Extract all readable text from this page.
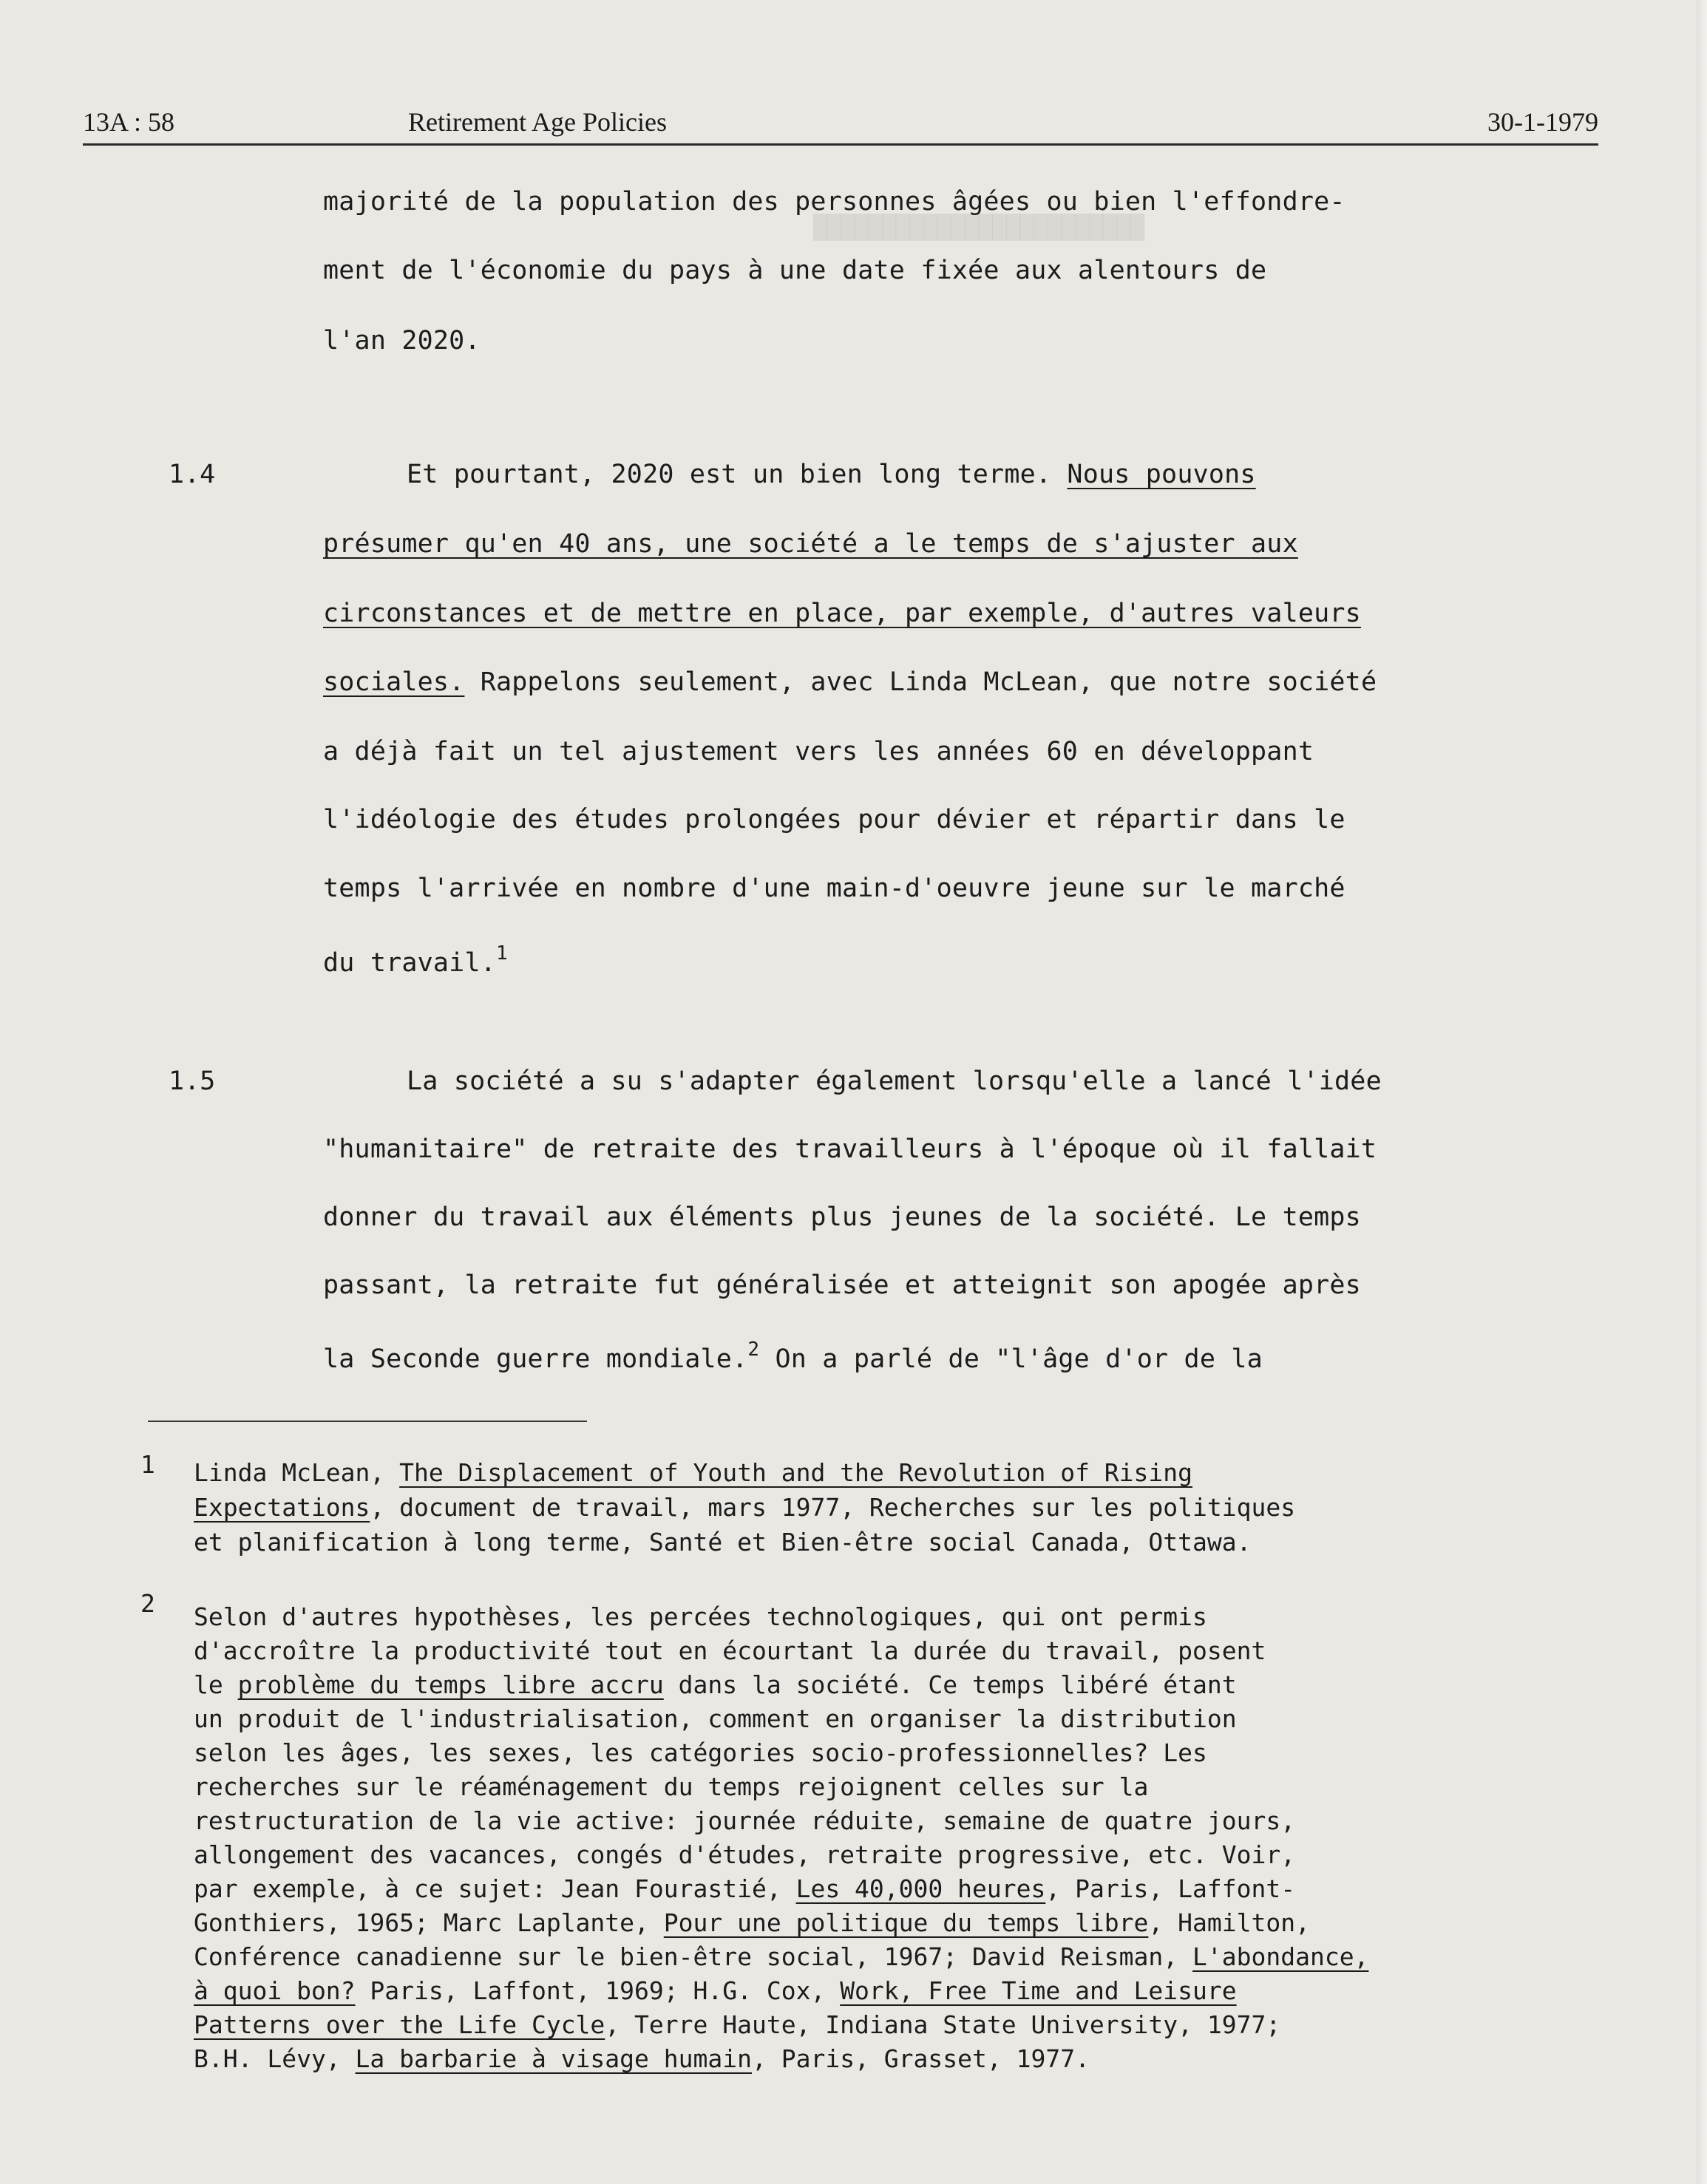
████████████████████████
13A : 58	Retirement Age Policies	30-1-1979
majorité de la population des personnes âgées ou bien l'effondre-
ment de l'économie du pays à une date fixée aux alentours de
l'an 2020.
1.4	Et pourtant, 2020 est un bien long terme. Nous pouvons
présumer qu'en 40 ans, une société a le temps de s'ajuster aux
circonstances et de mettre en place, par exemple, d'autres valeurs
sociales. Rappelons seulement, avec Linda McLean, que notre société
a déjà fait un tel ajustement vers les années 60 en développant
l'idéologie des études prolongées pour dévier et répartir dans le
temps l'arrivée en nombre d'une main-d'oeuvre jeune sur le marché
du travail.$^1$
1.5	La société a su s'adapter également lorsqu'elle a lancé l'idée
"humanitaire" de retraite des travailleurs à l'époque où il fallait
donner du travail aux éléments plus jeunes de la société. Le temps
passant, la retraite fut généralisée et atteignit son apogée après
la Seconde guerre mondiale.$^2$ On a parlé de "l'âge d'or de la
1 Linda McLean, The Displacement of Youth and the Revolution of Rising
Expectations, document de travail, mars 1977, Recherches sur les politiques
et planification à long terme, Santé et Bien-être social Canada, Ottawa.
2 Selon d'autres hypothèses, les percées technologiques, qui ont permis
d'accroître la productivité tout en écourtant la durée du travail, posent
le problème du temps libre accru dans la société. Ce temps libéré étant
un produit de l'industrialisation, comment en organiser la distribution
selon les âges, les sexes, les catégories socio-professionnelles? Les
recherches sur le réaménagement du temps rejoignent celles sur la
restructuration de la vie active: journée réduite, semaine de quatre jours,
allongement des vacances, congés d'études, retraite progressive, etc. Voir,
par exemple, à ce sujet: Jean Fourastié, Les 40,000 heures, Paris, Laffont-
Gonthiers, 1965; Marc Laplante, Pour une politique du temps libre, Hamilton,
Conférence canadienne sur le bien-être social, 1967; David Reisman, L'abondance,
à quoi bon? Paris, Laffont, 1969; H.G. Cox, Work, Free Time and Leisure
Patterns over the Life Cycle, Terre Haute, Indiana State University, 1977;
B.H. Lévy, La barbarie à visage humain, Paris, Grasset, 1977.
